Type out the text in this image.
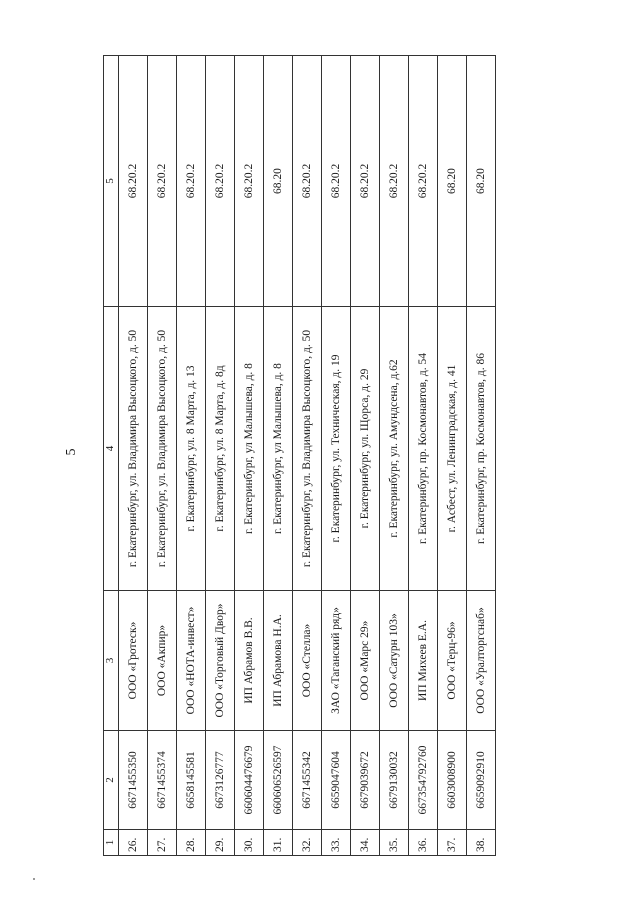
5
1	2	3	4	5
26.	6671455350	ООО «Гротеск»	г. Екатеринбург, ул. Владимира Высоцкого, д. 50	68.20.2
27.	6671455374	ООО «Акпир»	г. Екатеринбург, ул. Владимира Высоцкого, д. 50	68.20.2
28.	6658145581	ООО «НОТА-инвест»	г. Екатеринбург, ул. 8 Марта, д. 13	68.20.2
29.	6673126777	ООО «Торговый Двор»	г. Екатеринбург, ул. 8 Марта, д. 8д	68.20.2
30.	660604476679	ИП Абрамов В.В.	г. Екатеринбург, ул Малышева, д. 8	68.20.2
31.	660606526597	ИП Абрамова Н.А.	г. Екатеринбург, ул Малышева, д. 8	68.20
32.	6671455342	ООО «Стелла»	г. Екатеринбург, ул. Владимира Высоцкого, д. 50	68.20.2
33.	6659047604	ЗАО «Таганский ряд»	г. Екатеринбург, ул. Техническая, д. 19	68.20.2
34.	6679039672	ООО «Марс 29»	г. Екатеринбург, ул. Щорса, д. 29	68.20.2
35.	6679130032	ООО «Сатурн 103»	г. Екатеринбург, ул. Амундсена, д.62	68.20.2
36.	667354792760	ИП Михеев Е.А.	г. Екатеринбург, пр. Космонавтов, д. 54	68.20.2
37.	6603008900	ООО «Терц-96»	г. Асбест, ул. Ленинградская, д. 41	68.20
38.	6659092910	ООО «Уралторгснаб»	г. Екатеринбург, пр. Космонавтов, д. 86	68.20
